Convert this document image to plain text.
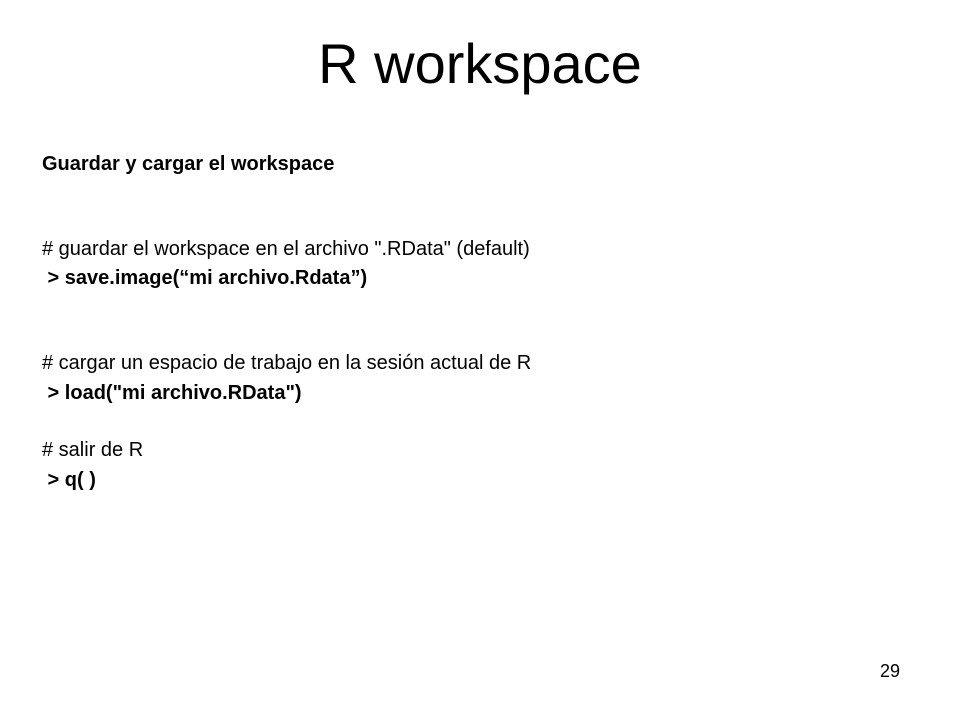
R workspace

Guardar y cargar el workspace

# guardar el workspace en el archivo ".RData" (default)

> save.image(“mi archivo.Rdata”)

# cargar un espacio de trabajo en la sesión actual de R

> load("mi archivo.RData")

# salir de R

> q( )

29
